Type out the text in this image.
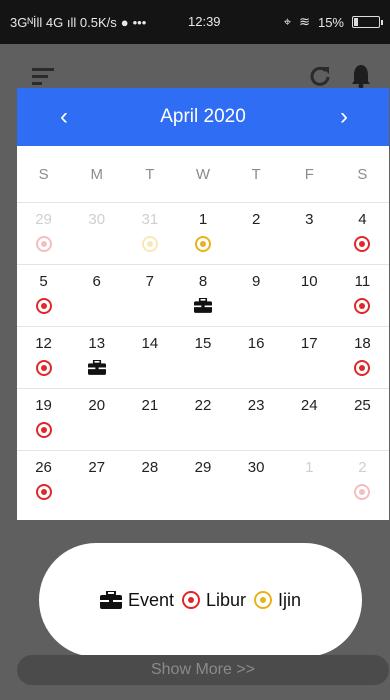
3Gᴺİll 4G ıll 0.5K/s ● •••	12:39	⌖ ≋ 15%
‹	April 2020	›
S	M	T	W	T	F	S
29	30	31	1	2	3	4
5	6	7	8	9	10	11
12	13	14	15	16	17	18
19	20	21	22	23	24	25
26	27	28	29	30	1	2
Event Libur Ijin
Show More >>
